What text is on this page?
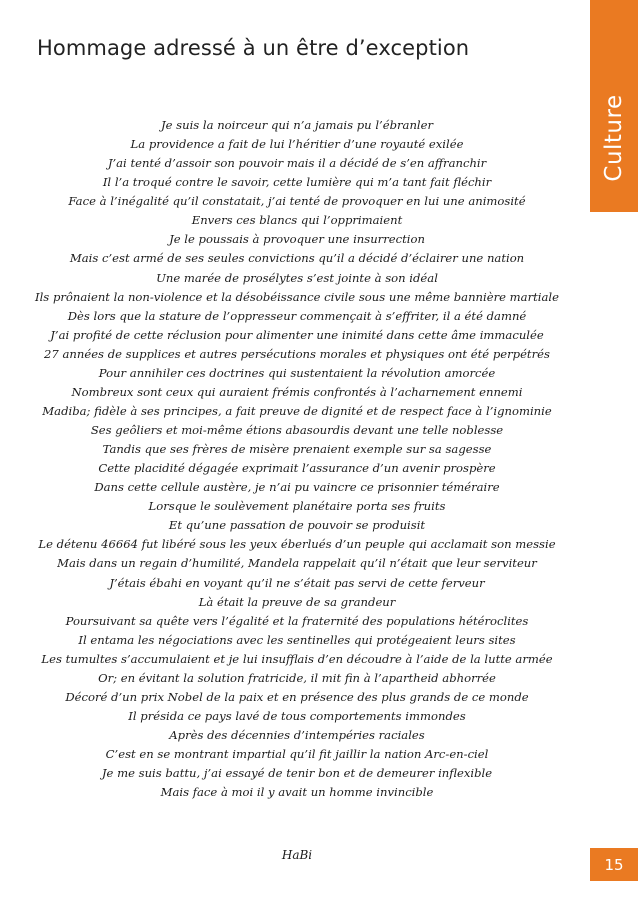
Hommage adressé à un être d’exception
Culture
Je suis la noirceur qui n’a jamais pu l’ébranler
La providence a fait de lui l’héritier d’une royauté exilée
J’ai tenté d’assoir son pouvoir mais il a décidé de s’en affranchir
Il l’a troqué contre le savoir, cette lumière qui m’a tant fait fléchir
Face à l’inégalité qu’il constatait, j’ai tenté de provoquer en lui une animosité
Envers ces blancs qui l’opprimaient
Je le poussais à provoquer une insurrection
Mais c’est armé de ses seules convictions qu’il a décidé d’éclairer une nation
Une marée de prosélytes s’est jointe à son idéal
Ils prônaient la non-violence et la désobéissance civile sous une même bannière martiale
Dès lors que la stature de l’oppresseur commençait à s’effriter, il a été damné
J’ai profité de cette réclusion pour alimenter une inimité dans cette âme immaculée
27 années de supplices et autres persécutions morales et physiques ont été perpétrés
Pour annihiler ces doctrines qui sustentaient la révolution amorcée
Nombreux sont ceux qui auraient frémis confrontés à l’acharnement ennemi
Madiba; fidèle à ses principes, a fait preuve de dignité et de respect face à l’ignominie
Ses geôliers et moi-même étions abasourdis devant une telle noblesse
Tandis que ses frères de misère prenaient exemple sur sa sagesse
Cette placidité dégagée exprimait l’assurance d’un avenir prospère
Dans cette cellule austère, je n’ai pu vaincre ce prisonnier téméraire
Lorsque le soulèvement planétaire porta ses fruits
Et qu’une passation de pouvoir se produisit
Le détenu 46664 fut libéré sous les yeux éberlués d’un peuple qui acclamait son messie
Mais dans un regain d’humilité, Mandela rappelait qu’il n’était que leur serviteur
J’étais ébahi en voyant qu’il ne s’était pas servi de cette ferveur
Là était la preuve de sa grandeur
Poursuivant sa quête vers l’égalité et la fraternité des populations hétéroclites
Il entama les négociations avec les sentinelles qui protégeaient leurs sites
Les tumultes s’accumulaient et je lui insufflais d’en découdre à l’aide de la lutte armée
Or; en évitant la solution fratricide, il mit fin à l’apartheid abhorrée
Décoré d’un prix Nobel de la paix et en présence des plus grands de ce monde
Il présida ce pays lavé de tous comportements immondes
Après des décennies d’intempéries raciales
C’est en se montrant impartial qu’il fit jaillir la nation Arc-en-ciel
Je me suis battu, j’ai essayé de tenir bon et de demeurer inflexible
Mais face à moi il y avait un homme invincible
HaBi
15
